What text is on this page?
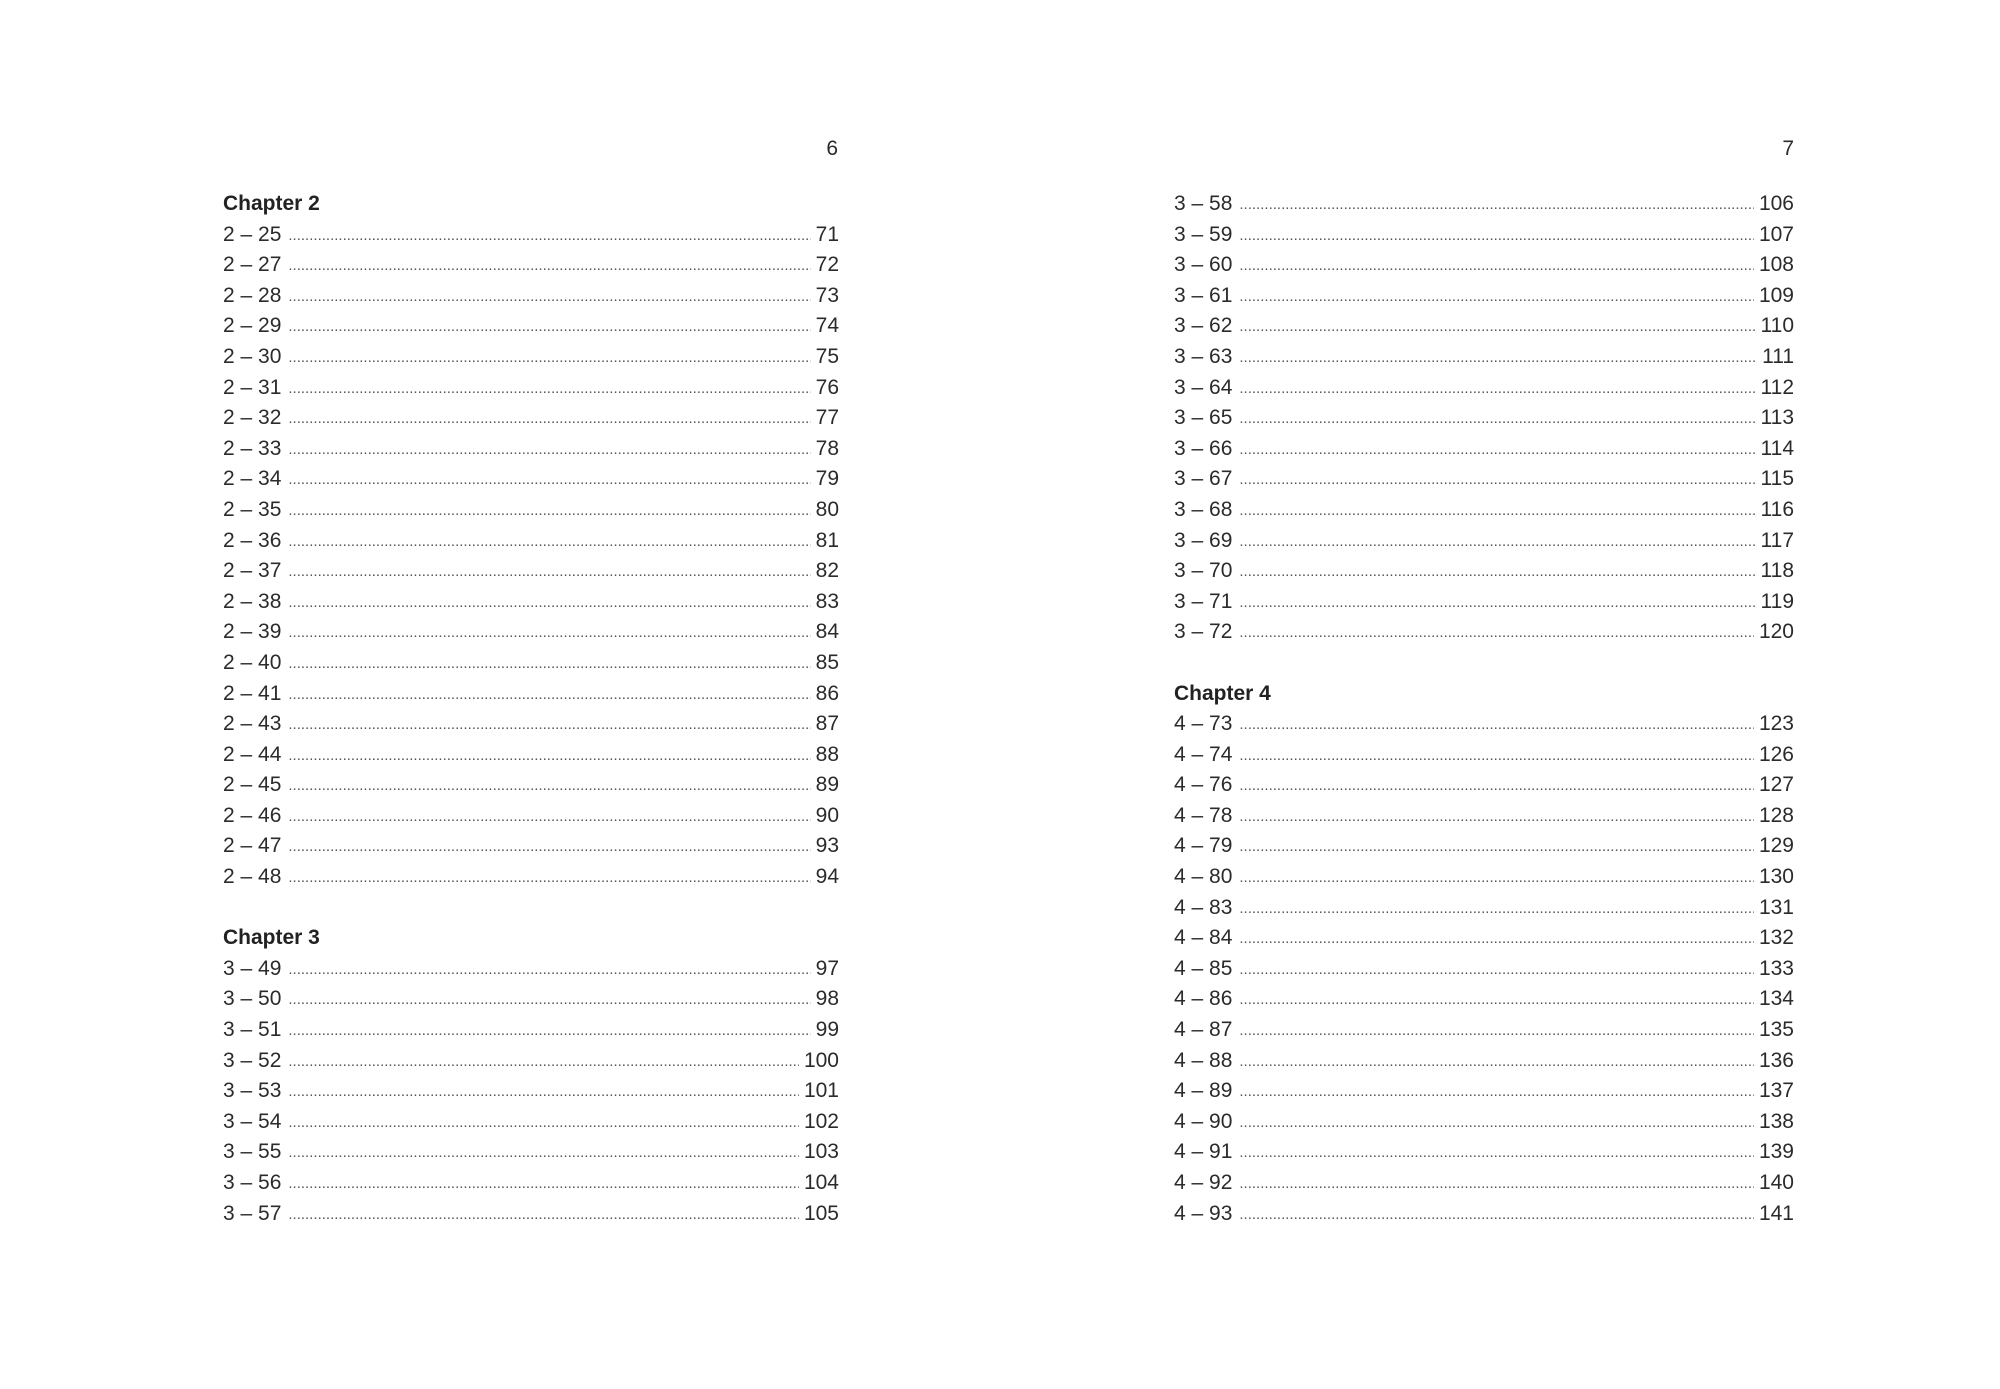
6
Chapter 2
2 – 25 .....	71
2 – 27 .....	72
2 – 28 .....	73
2 – 29 .....	74
2 – 30 .....	75
2 – 31 .....	76
2 – 32 .....	77
2 – 33 .....	78
2 – 34 .....	79
2 – 35 .....	80
2 – 36 .....	81
2 – 37 .....	82
2 – 38 .....	83
2 – 39 .....	84
2 – 40 .....	85
2 – 41 .....	86
2 – 43 .....	87
2 – 44 .....	88
2 – 45 .....	89
2 – 46 .....	90
2 – 47 .....	93
2 – 48 .....	94
Chapter 3
3 – 49 .....	97
3 – 50 .....	98
3 – 51 .....	99
3 – 52 .....	100
3 – 53 .....	101
3 – 54 .....	102
3 – 55 .....	103
3 – 56 .....	104
3 – 57 .....	105
7
3 – 58 .....	106
3 – 59 .....	107
3 – 60 .....	108
3 – 61 .....	109
3 – 62 .....	110
3 – 63 .....	111
3 – 64 .....	112
3 – 65 .....	113
3 – 66 .....	114
3 – 67 .....	115
3 – 68 .....	116
3 – 69 .....	117
3 – 70 .....	118
3 – 71 .....	119
3 – 72 .....	120
Chapter 4
4 – 73 .....	123
4 – 74 .....	126
4 – 76 .....	127
4 – 78 .....	128
4 – 79 .....	129
4 – 80 .....	130
4 – 83 .....	131
4 – 84 .....	132
4 – 85 .....	133
4 – 86 .....	134
4 – 87 .....	135
4 – 88 .....	136
4 – 89 .....	137
4 – 90 .....	138
4 – 91 .....	139
4 – 92 .....	140
4 – 93 .....	141
